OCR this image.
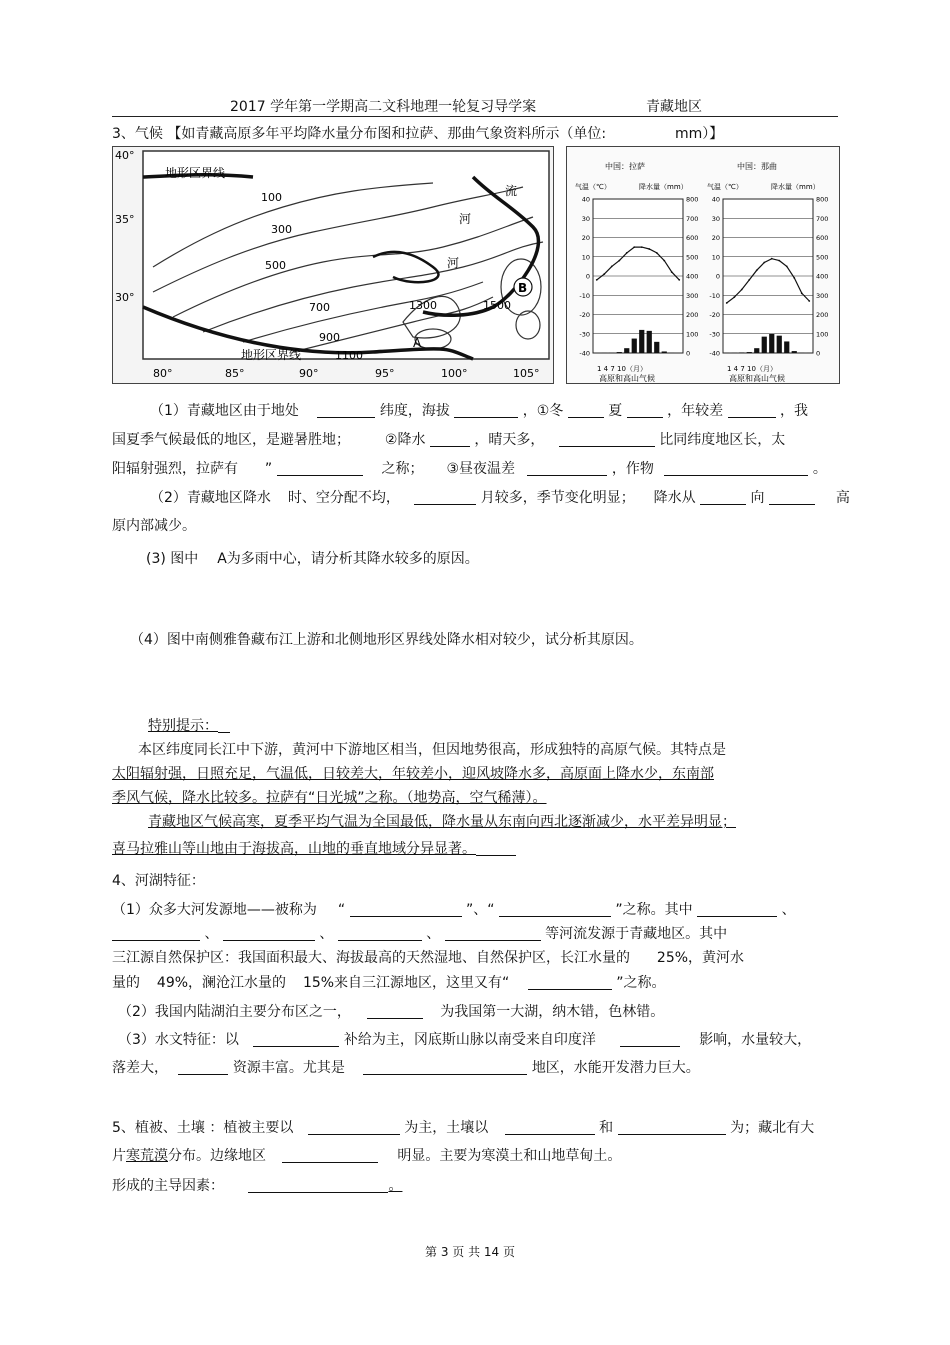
2017 学年第一学期高二文科地理一轮复习导学案	青藏地区
3、气候 【如青藏高原多年平均降水量分布图和拉萨、那曲气象资料所示（单位:	mm）】
40°
35°
30°
80°	85°	90°	95°	100°	105°
100
300
500
700
900
1100
1300	1500
地形区界线
地形区界线
流
河
河
A
B
中国：拉萨	中国：那曲
气温（℃）	降水量（mm）	气温（℃）	降水量（mm）
40	800
30	700
20	600
10	500
0	400
-10	300
-20	200
-30	100
-40	0
40	800
30	700
20	600
10	500
0	400
-10	300
-20	200
-30	100
-40	0
1 4 7 10（月）	1 4 7 10（月）
高原和高山气候	高原和高山气候
（1）青藏地区由于地处	纬度，海拔	，①冬	夏	，年较差	，我
国夏季气候最低的地区，是避暑胜地； ②降水	，晴天多，	比同纬度地区长，太
阳辐射强烈，拉萨有 ”	之称； ③昼夜温差	，作物	。
（2）青藏地区降水 时、空分配不均，	月较多，季节变化明显； 降水从	向	高
原内部减少。
(3) 图中 A为多雨中心，请分析其降水较多的原因。
（4）图中南侧雅鲁藏布江上游和北侧地形区界线处降水相对较少，试分析其原因。
特别提示：
本区纬度同长江中下游，黄河中下游地区相当，但因地势很高，形成独特的高原气候。其特点是
太阳辐射强，日照充足，气温低，日较差大，年较差小，迎风坡降水多，高原面上降水少，东南部
季风气候，降水比较多。拉萨有“日光城”之称。（地势高，空气稀薄）。
青藏地区气候高寒，夏季平均气温为全国最低，降水量从东南向西北逐渐减少，水平差异明显；
喜马拉雅山等山地由于海拔高，山地的垂直地域分异显著。
4、河湖特征：
（1）众多大河发源地——被称为 “	”、“	”之称。其中	、
、	、	、	等河流发源于青藏地区。其中
三江源自然保护区：我国面积最大、海拔最高的天然湿地、自然保护区，长江水量的 25%，黄河水
量的 49%，澜沧江水量的 15%来自三江源地区，这里又有“	”之称。
（2）我国内陆湖泊主要分布区之一，	为我国第一大湖，纳木错，色林错。
（3）水文特征：以	补给为主，冈底斯山脉以南受来自印度洋	影响，水量较大，
落差大，	资源丰富。尤其是	地区，水能开发潜力巨大。
5、植被、土壤 ：植被主要以	为主，土壤以	和	为；藏北有大
片寒荒漠分布。边缘地区	明显。主要为寒漠土和山地草甸土。
形成的主导因素：	。
第 3 页 共 14 页
